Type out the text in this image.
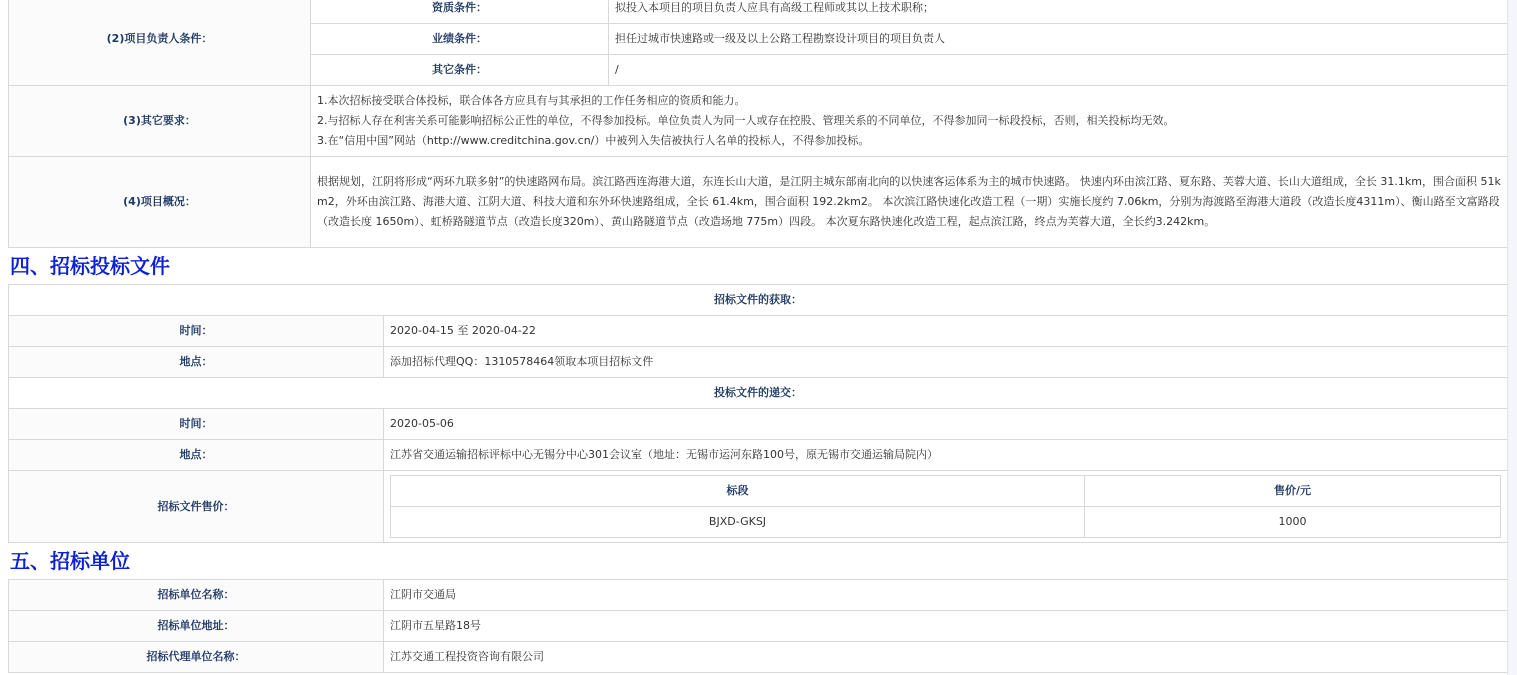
(2)项目负责人条件：	资质条件：	拟投入本项目的项目负责人应具有高级工程师或其以上技术职称；
	业绩条件：	担任过城市快速路或一级及以上公路工程勘察设计项目的项目负责人
	其它条件：	/
(3)其它要求：	1.本次招标接受联合体投标，联合体各方应具有与其承担的工作任务相应的资质和能力。
2.与招标人存在利害关系可能影响招标公正性的单位，不得参加投标。单位负责人为同一人或存在控股、管理关系的不同单位，不得参加同一标段投标，否则，相关投标均无效。
3.在“信用中国”网站（http://www.creditchina.gov.cn/）中被列入失信被执行人名单的投标人，不得参加投标。	

(4)项目概况：	根据规划，江阴将形成“两环九联多射”的快速路网布局。滨江路西连海港大道，东连长山大道，是江阴主城东部南北向的以快速客运体系为主的城市快速路。 快速内环由滨江路、夏东路、芙蓉大道、长山大道组成，全长 31.1km，围合面积 51km2，外环由滨江路、海港大道、江阴大道、科技大道和东外环快速路组成，全长 61.4km，围合面积 192.2km2。 本次滨江路快速化改造工程（一期）实施长度约 7.06km，分别为海渡路至海港大道段（改造长度4311m）、衡山路至文富路段（改造长度 1650m）、虹桥路隧道节点（改造长度320m）、黄山路隧道节点（改造场地 775m）四段。 本次夏东路快速化改造工程，起点滨江路，终点为芙蓉大道，全长约3.242km。	
四、招标投标文件
招标文件的获取：
时间：	2020-04-15 至 2020-04-22
地点：	添加招标代理QQ：1310578464领取本项目招标文件
投标文件的递交：
时间：	2020-05-06
地点：	江苏省交通运输招标评标中心无锡分中心301会议室（地址：无锡市运河东路100号，原无锡市交通运输局院内）
招标文件售价：	
标段	售价/元
BJXD-GKSJ	1000
五、招标单位
招标单位名称：	江阴市交通局
招标单位地址：	江阴市五星路18号
招标代理单位名称：	江苏交通工程投资咨询有限公司
